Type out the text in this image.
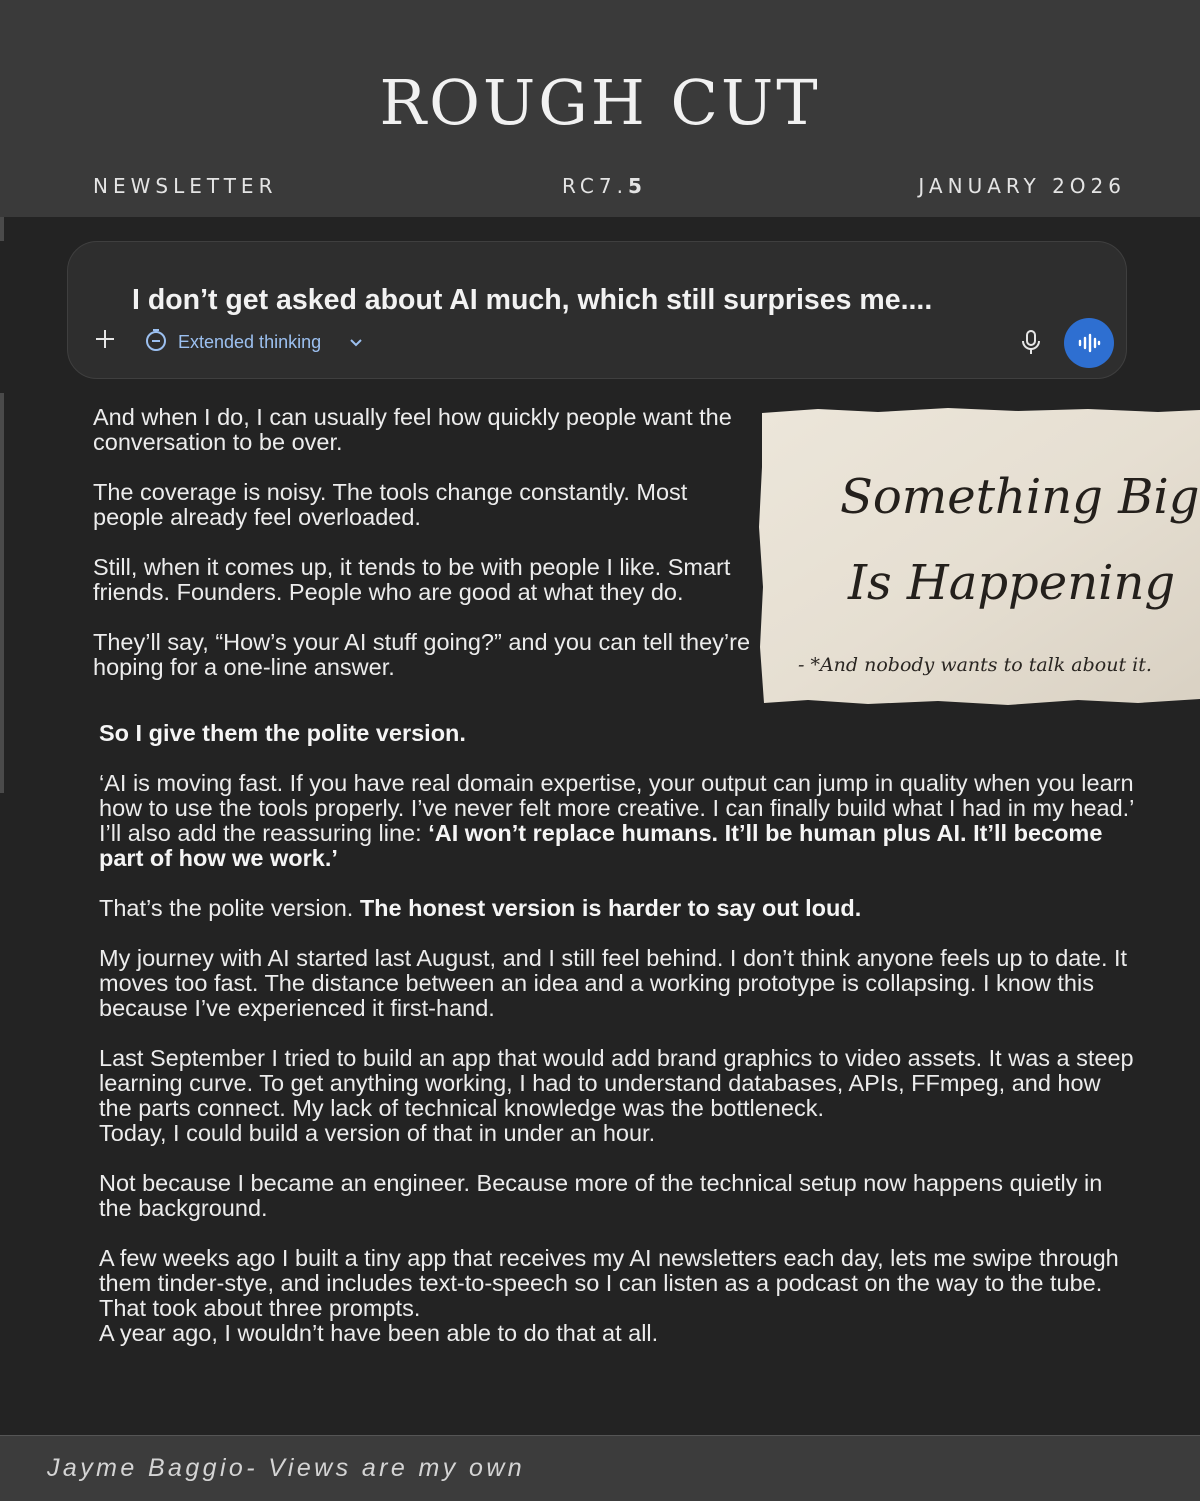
ROUGH CUT
NEWSLETTER	RC7.5	JANUARY 2O26
I don’t get asked about AI much, which still surprises me....
Extended thinking

And when I do, I can usually feel how quickly people want the conversation to be over.

The coverage is noisy. The tools change constantly. Most people already feel overloaded.

Still, when it comes up, it tends to be with people I like. Smart friends. Founders. People who are good at what they do.

They’ll say, “How’s your AI stuff going?” and you can tell they’re hoping for a one-line answer.

Something Big
Is Happening
- *And nobody wants to talk about it.

So I give them the polite version.

‘AI is moving fast. If you have real domain expertise, your output can jump in quality when you learn how to use the tools properly. I’ve never felt more creative. I can finally build what I had in my head.’
I’ll also add the reassuring line: ‘AI won’t replace humans. It’ll be human plus AI. It’ll become part of how we work.’

That’s the polite version. The honest version is harder to say out loud.

My journey with AI started last August, and I still feel behind. I don’t think anyone feels up to date. It moves too fast. The distance between an idea and a working prototype is collapsing. I know this because I’ve experienced it first-hand.

Last September I tried to build an app that would add brand graphics to video assets. It was a steep learning curve. To get anything working, I had to understand databases, APIs, FFmpeg, and how the parts connect. My lack of technical knowledge was the bottleneck.
Today, I could build a version of that in under an hour.

Not because I became an engineer. Because more of the technical setup now happens quietly in the background.

A few weeks ago I built a tiny app that receives my AI newsletters each day, lets me swipe through them tinder-stye, and includes text-to-speech so I can listen as a podcast on the way to the tube. That took about three prompts.
A year ago, I wouldn’t have been able to do that at all.

Jayme Baggio- Views are my own
